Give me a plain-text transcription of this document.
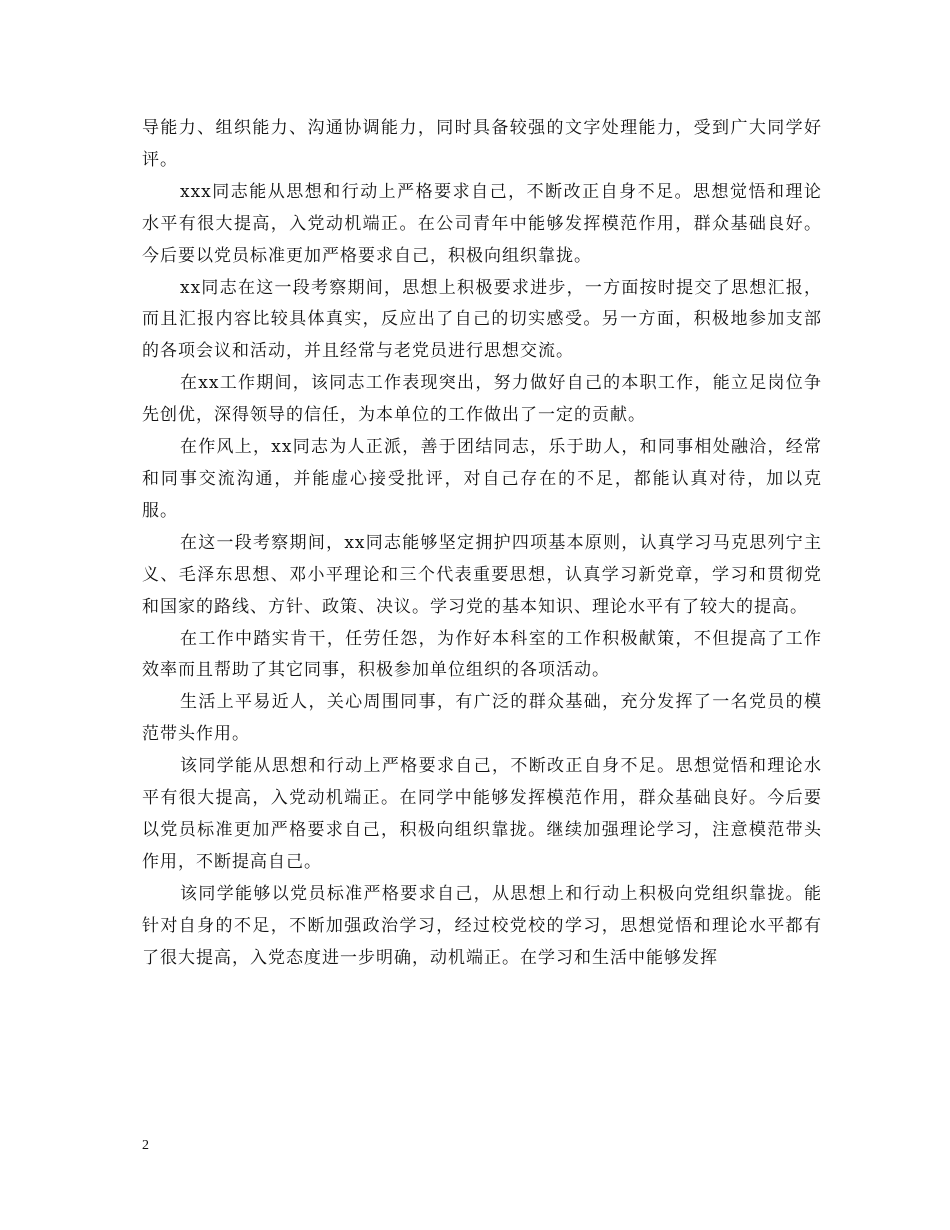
导能力、组织能力、沟通协调能力，同时具备较强的文字处理能力，受到广大同学好评。

xxx同志能从思想和行动上严格要求自己，不断改正自身不足。思想觉悟和理论水平有很大提高，入党动机端正。在公司青年中能够发挥模范作用，群众基础良好。今后要以党员标准更加严格要求自己，积极向组织靠拢。

xx同志在这一段考察期间，思想上积极要求进步，一方面按时提交了思想汇报，而且汇报内容比较具体真实，反应出了自己的切实感受。另一方面，积极地参加支部的各项会议和活动，并且经常与老党员进行思想交流。

在xx工作期间，该同志工作表现突出，努力做好自己的本职工作，能立足岗位争先创优，深得领导的信任，为本单位的工作做出了一定的贡献。

在作风上，xx同志为人正派，善于团结同志，乐于助人，和同事相处融洽，经常和同事交流沟通，并能虚心接受批评，对自己存在的不足，都能认真对待，加以克服。

在这一段考察期间，xx同志能够坚定拥护四项基本原则，认真学习马克思列宁主义、毛泽东思想、邓小平理论和三个代表重要思想，认真学习新党章，学习和贯彻党和国家的路线、方针、政策、决议。学习党的基本知识、理论水平有了较大的提高。

在工作中踏实肯干，任劳任怨，为作好本科室的工作积极献策，不但提高了工作效率而且帮助了其它同事，积极参加单位组织的各项活动。

生活上平易近人，关心周围同事，有广泛的群众基础，充分发挥了一名党员的模范带头作用。

该同学能从思想和行动上严格要求自己，不断改正自身不足。思想觉悟和理论水平有很大提高，入党动机端正。在同学中能够发挥模范作用，群众基础良好。今后要以党员标准更加严格要求自己，积极向组织靠拢。继续加强理论学习，注意模范带头作用，不断提高自己。

该同学能够以党员标准严格要求自己，从思想上和行动上积极向党组织靠拢。能针对自身的不足，不断加强政治学习，经过校党校的学习，思想觉悟和理论水平都有了很大提高，入党态度进一步明确，动机端正。在学习和生活中能够发挥

2
